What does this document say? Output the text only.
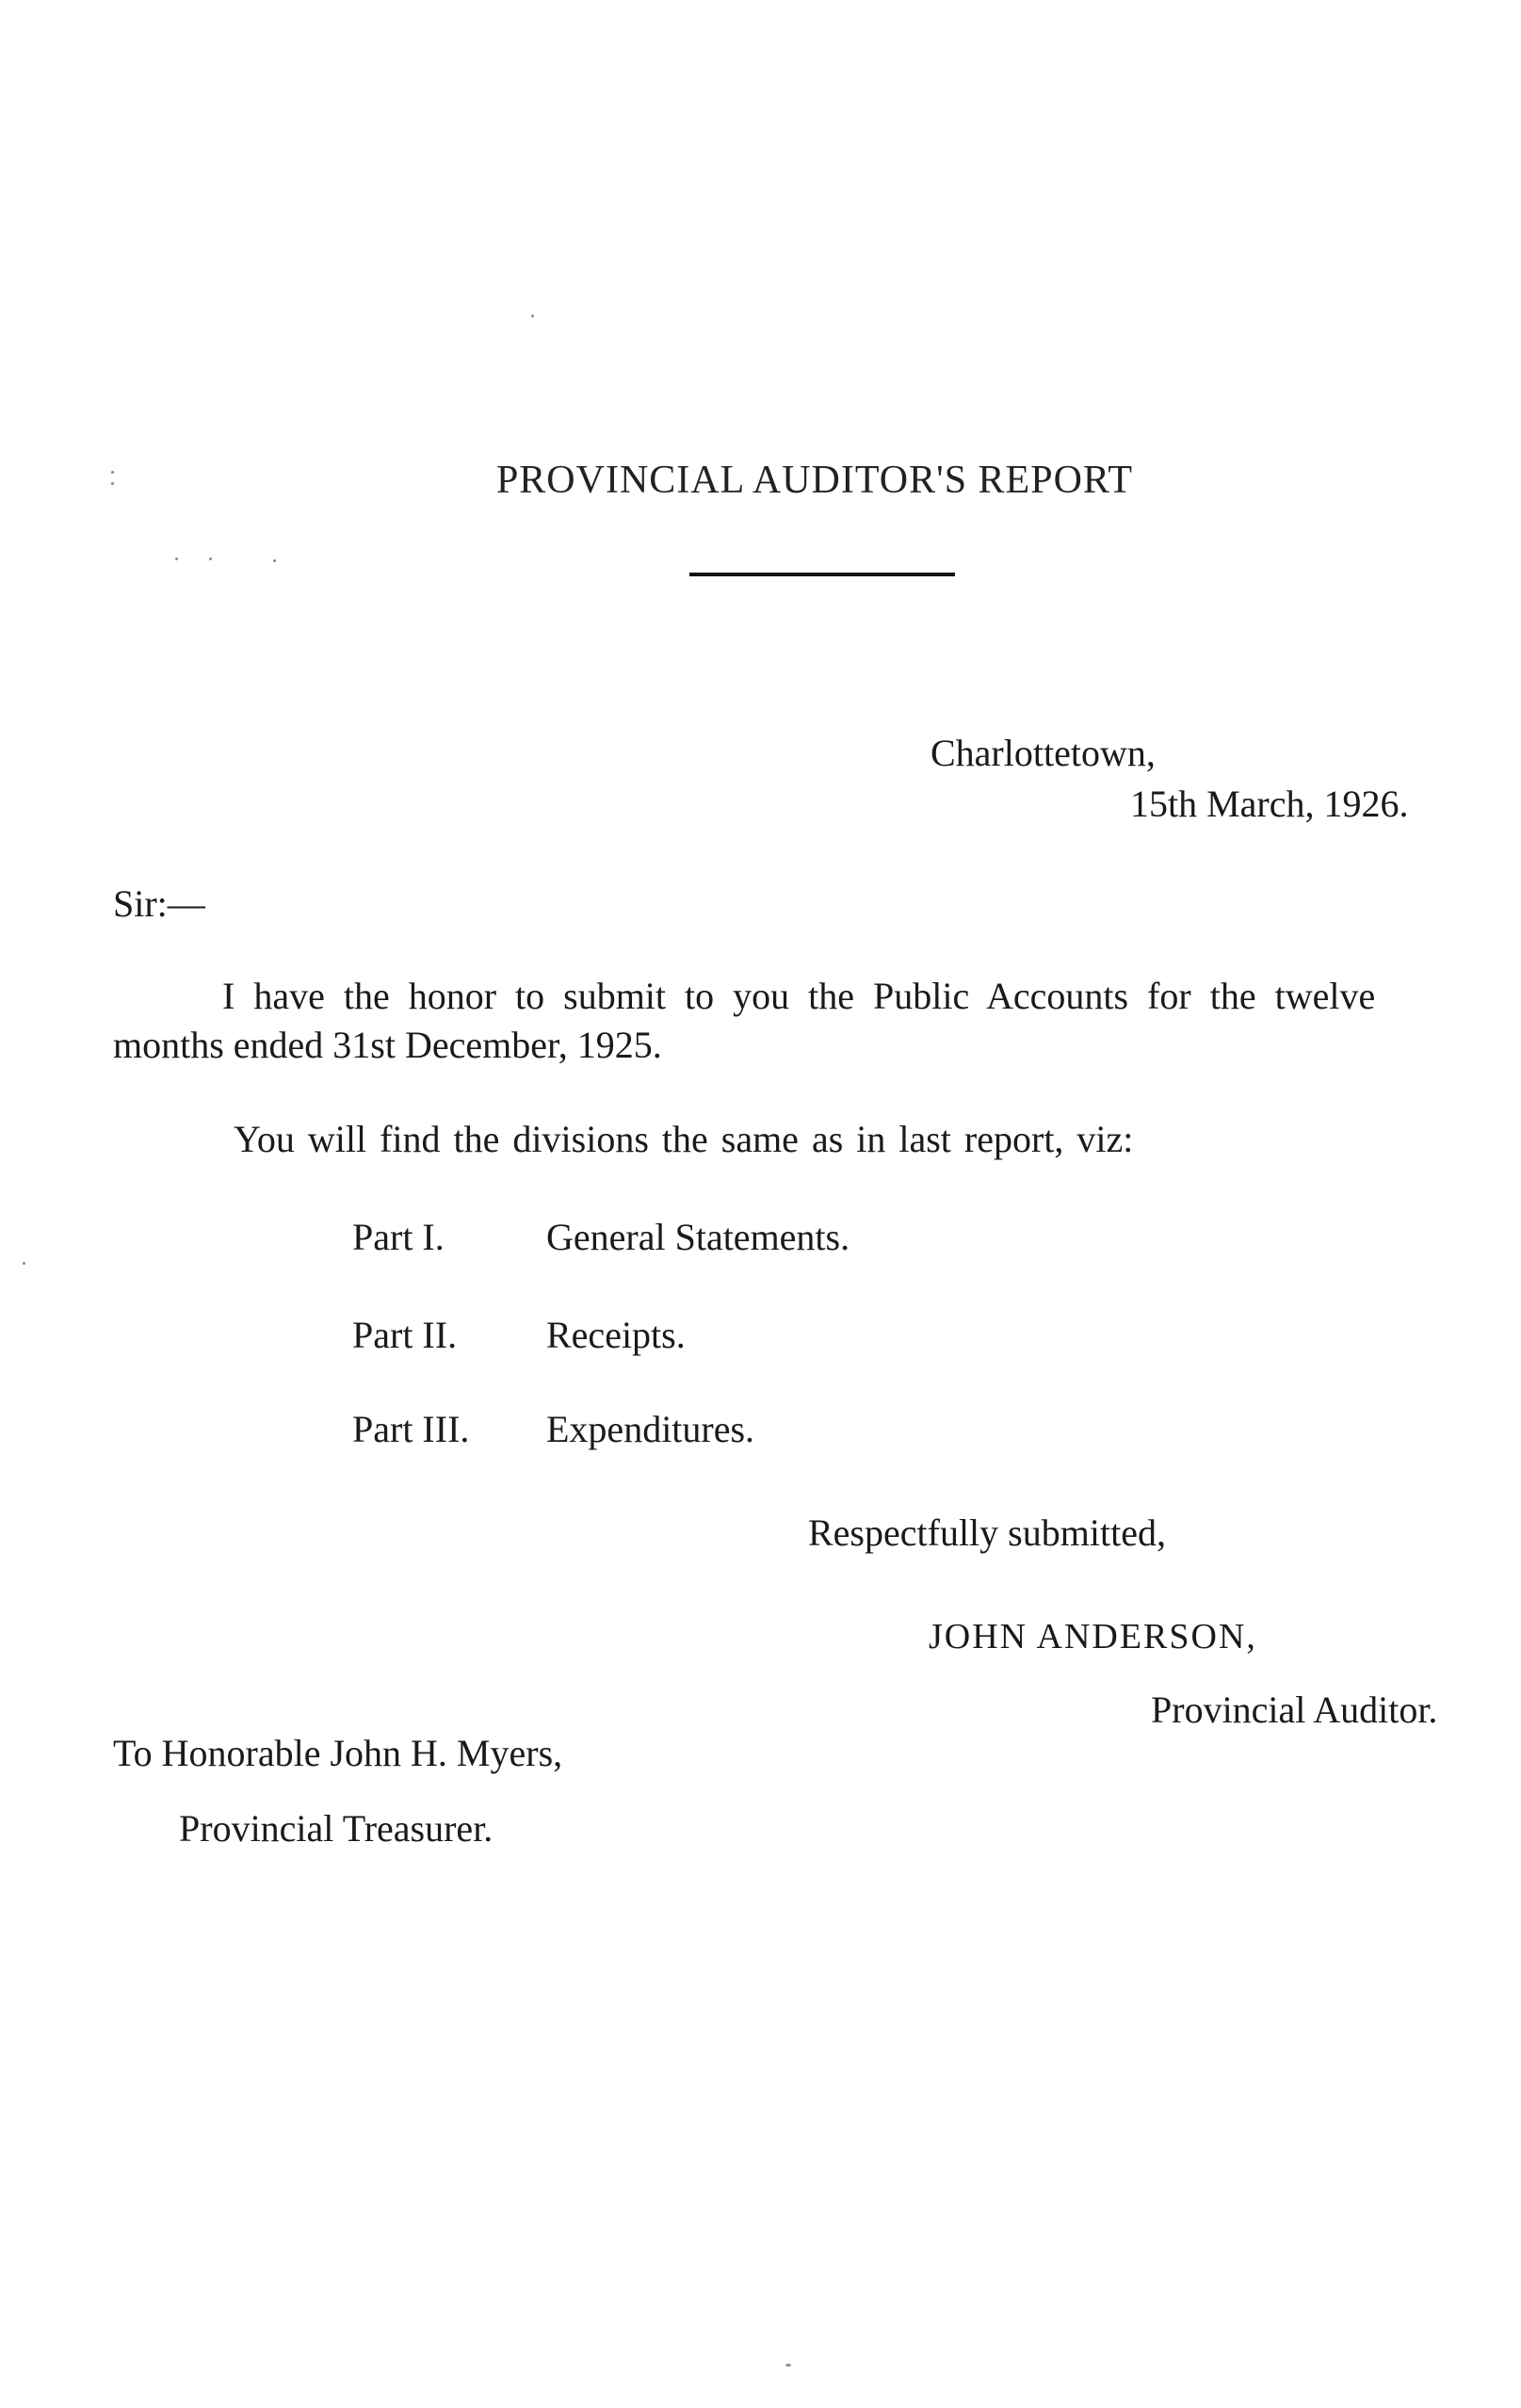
PROVINCIAL AUDITOR'S REPORT
Charlottetown,
15th March, 1926.
Sir:—
I have the honor to submit to you the Public Accounts for the twelve
months ended 31st December, 1925.
You will find the divisions the same as in last report, viz:
Part I.	General Statements.
Part II. Receipts.
Part III. Expenditures.
Respectfully submitted,
JOHN ANDERSON,
Provincial Auditor.
To Honorable John H. Myers,
Provincial Treasurer.
